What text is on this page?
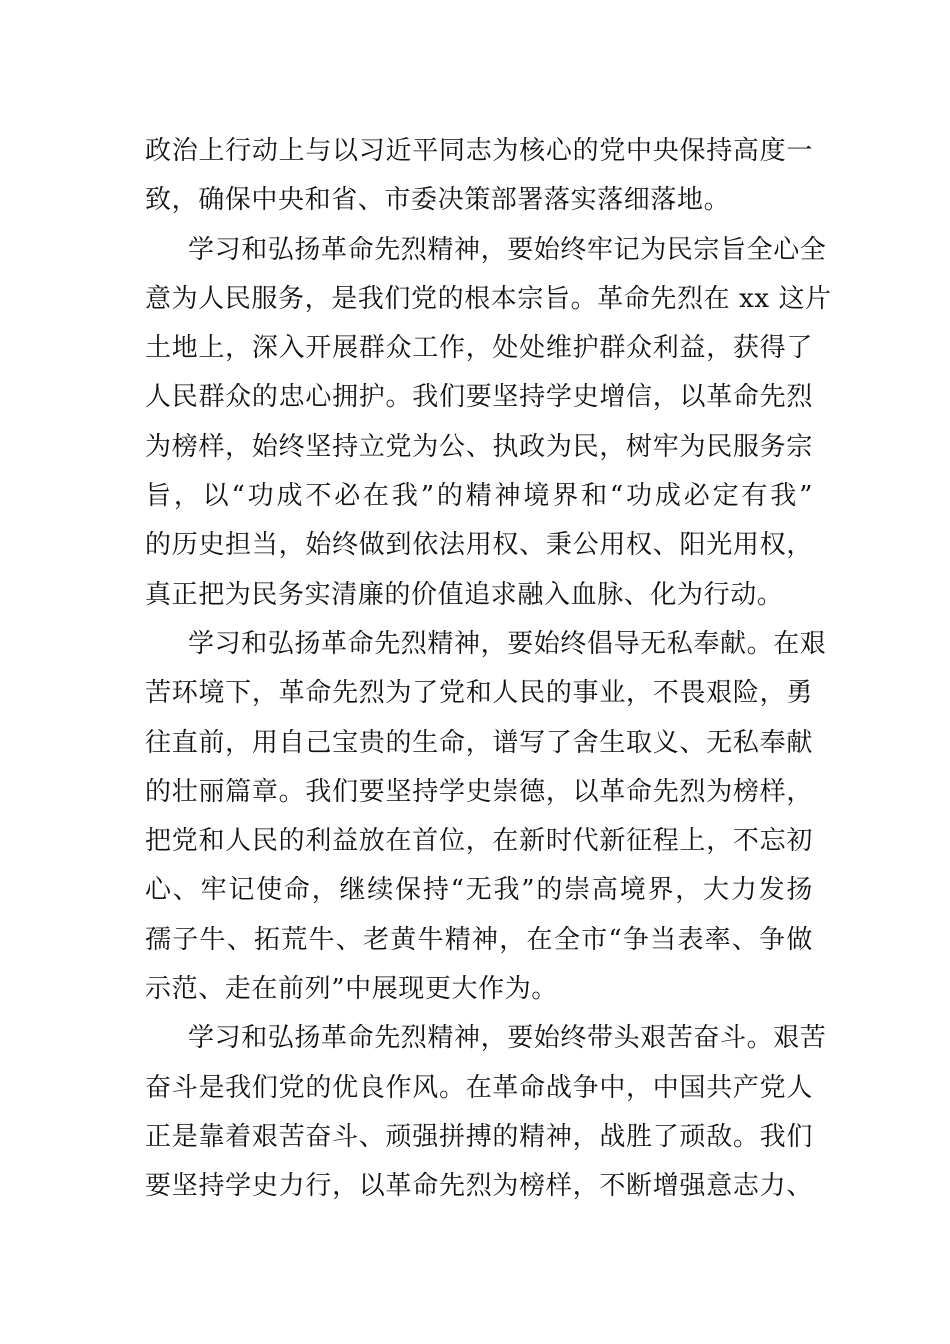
政治上行动上与以习近平同志为核心的党中央保持高度一
致，确保中央和省、市委决策部署落实落细落地。
学习和弘扬革命先烈精神，要始终牢记为民宗旨全心全
意为人民服务，是我们党的根本宗旨。革命先烈在 xx 这片
土地上，深入开展群众工作，处处维护群众利益，获得了
人民群众的忠心拥护。我们要坚持学史增信，以革命先烈
为榜样，始终坚持立党为公、执政为民，树牢为民服务宗
旨，以“功成不必在我”的精神境界和“功成必定有我”
的历史担当，始终做到依法用权、秉公用权、阳光用权，
真正把为民务实清廉的价值追求融入血脉、化为行动。
学习和弘扬革命先烈精神，要始终倡导无私奉献。在艰
苦环境下，革命先烈为了党和人民的事业，不畏艰险，勇
往直前，用自己宝贵的生命，谱写了舍生取义、无私奉献
的壮丽篇章。我们要坚持学史崇德，以革命先烈为榜样，
把党和人民的利益放在首位，在新时代新征程上，不忘初
心、牢记使命，继续保持“无我”的崇高境界，大力发扬
孺子牛、拓荒牛、老黄牛精神，在全市“争当表率、争做
示范、走在前列”中展现更大作为。
学习和弘扬革命先烈精神，要始终带头艰苦奋斗。艰苦
奋斗是我们党的优良作风。在革命战争中，中国共产党人
正是靠着艰苦奋斗、顽强拼搏的精神，战胜了顽敌。我们
要坚持学史力行，以革命先烈为榜样，不断增强意志力、
